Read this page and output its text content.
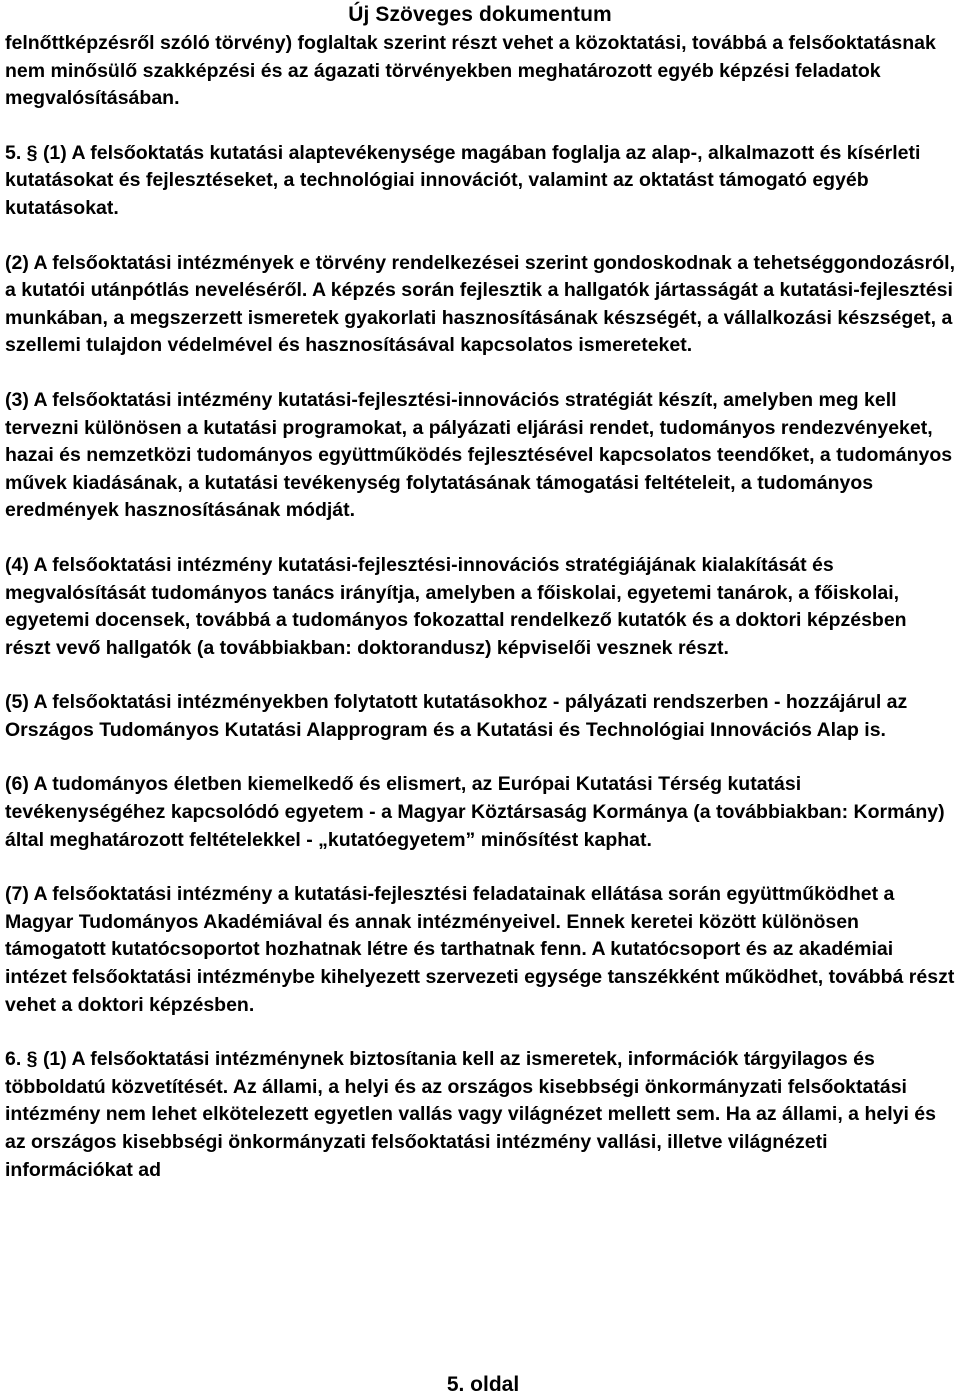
Új Szöveges dokumentum

felnőttképzésről szóló törvény) foglaltak szerint részt vehet a közoktatási, továbbá a felsőoktatásnak nem minősülő szakképzési és az ágazati törvényekben meghatározott egyéb képzési feladatok megvalósításában.

5. § (1) A felsőoktatás kutatási alaptevékenysége magában foglalja az alap-, alkalmazott és kísérleti kutatásokat és fejlesztéseket, a technológiai innovációt, valamint az oktatást támogató egyéb kutatásokat.

(2) A felsőoktatási intézmények e törvény rendelkezései szerint gondoskodnak a tehetséggondozásról, a kutatói utánpótlás neveléséről. A képzés során fejlesztik a hallgatók jártasságát a kutatási-fejlesztési munkában, a megszerzett ismeretek gyakorlati hasznosításának készségét, a vállalkozási készséget, a szellemi tulajdon védelmével és hasznosításával kapcsolatos ismereteket.

(3) A felsőoktatási intézmény kutatási-fejlesztési-innovációs stratégiát készít, amelyben meg kell tervezni különösen a kutatási programokat, a pályázati eljárási rendet, tudományos rendezvényeket, hazai és nemzetközi tudományos együttműködés fejlesztésével kapcsolatos teendőket, a tudományos művek kiadásának, a kutatási tevékenység folytatásának támogatási feltételeit, a tudományos eredmények hasznosításának módját.

(4) A felsőoktatási intézmény kutatási-fejlesztési-innovációs stratégiájának kialakítását és megvalósítását tudományos tanács irányítja, amelyben a főiskolai, egyetemi tanárok, a főiskolai, egyetemi docensek, továbbá a tudományos fokozattal rendelkező kutatók és a doktori képzésben részt vevő hallgatók (a továbbiakban: doktorandusz) képviselői vesznek részt.

(5) A felsőoktatási intézményekben folytatott kutatásokhoz - pályázati rendszerben - hozzájárul az Országos Tudományos Kutatási Alapprogram és a Kutatási és Technológiai Innovációs Alap is.

(6) A tudományos életben kiemelkedő és elismert, az Európai Kutatási Térség kutatási tevékenységéhez kapcsolódó egyetem - a Magyar Köztársaság Kormánya (a továbbiakban: Kormány) által meghatározott feltételekkel - „kutatóegyetem” minősítést kaphat.

(7) A felsőoktatási intézmény a kutatási-fejlesztési feladatainak ellátása során együttműködhet a Magyar Tudományos Akadémiával és annak intézményeivel. Ennek keretei között különösen támogatott kutatócsoportot hozhatnak létre és tarthatnak fenn. A kutatócsoport és az akadémiai intézet felsőoktatási intézménybe kihelyezett szervezeti egysége tanszékként működhet, továbbá részt vehet a doktori képzésben.

6. § (1) A felsőoktatási intézménynek biztosítania kell az ismeretek, információk tárgyilagos és többoldatú közvetítését. Az állami, a helyi és az országos kisebbségi önkormányzati felsőoktatási intézmény nem lehet elkötelezett egyetlen vallás vagy világnézet mellett sem. Ha az állami, a helyi és az országos kisebbségi önkormányzati felsőoktatási intézmény vallási, illetve világnézeti információkat ad

5. oldal
